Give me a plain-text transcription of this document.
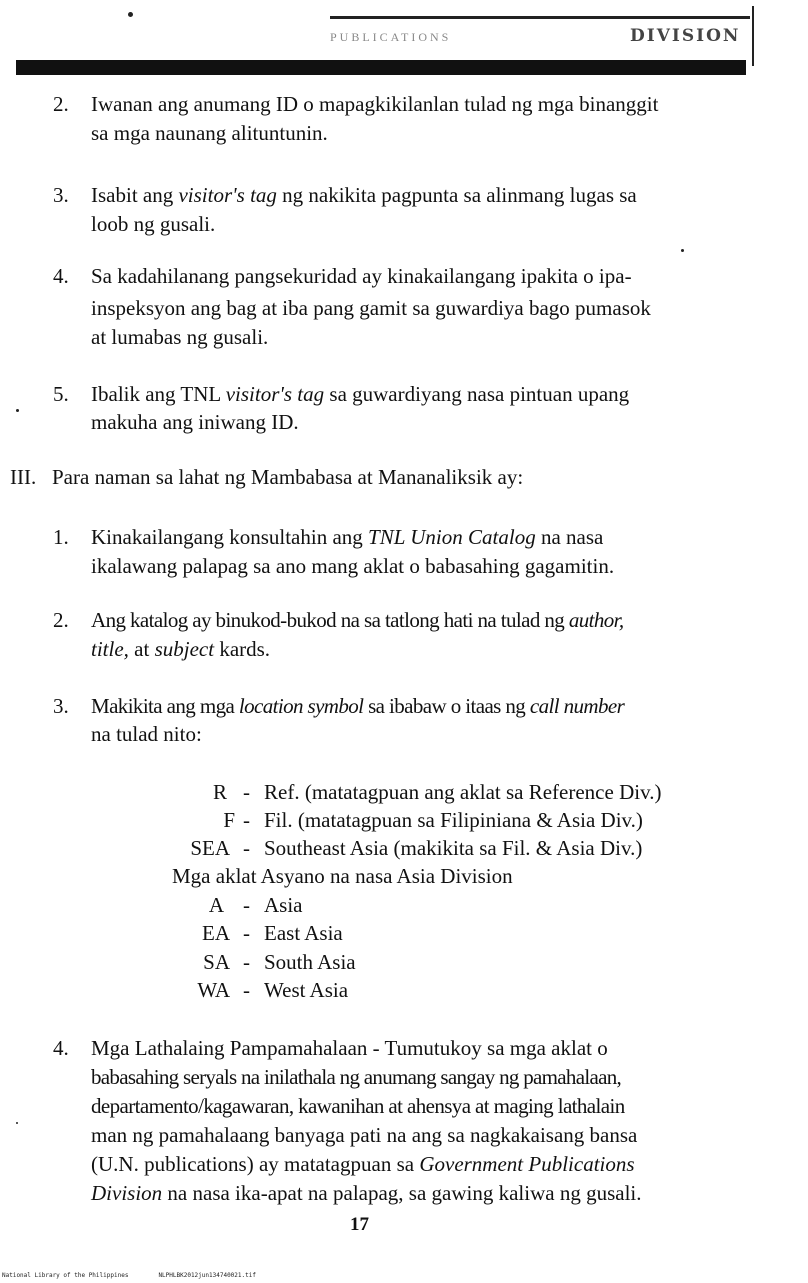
PUBLICATIONS	DIVISION
2. Iwanan ang anumang ID o mapagkikilanlan tulad ng mga binanggit
sa mga naunang alituntunin.
3. Isabit ang visitor's tag ng nakikita pagpunta sa alinmang lugas sa
loob ng gusali.
4. Sa kadahilanang pangsekuridad ay kinakailangang ipakita o ipa-
inspeksyon ang bag at iba pang gamit sa guwardiya bago pumasok
at lumabas ng gusali.
5. Ibalik ang TNL visitor's tag sa guwardiyang nasa pintuan upang
makuha ang iniwang ID.
III. Para naman sa lahat ng Mambabasa at Mananaliksik ay:
1. Kinakailangang konsultahin ang TNL Union Catalog na nasa
ikalawang palapag sa ano mang aklat o babasahing gagamitin.
2. Ang katalog ay binukod-bukod na sa tatlong hati na tulad ng author,
title, at subject kards.
3. Makikita ang mga location symbol sa ibabaw o itaas ng call number
na tulad nito:
R - Ref. (matatagpuan ang aklat sa Reference Div.)
F - Fil. (matatagpuan sa Filipiniana & Asia Div.)
SEA - Southeast Asia (makikita sa Fil. & Asia Div.)
Mga aklat Asyano na nasa Asia Division
A - Asia
EA - East Asia
SA - South Asia
WA - West Asia
4. Mga Lathalaing Pampamahalaan - Tumutukoy sa mga aklat o
babasahing seryals na inilathala ng anumang sangay ng pamahalaan,
departamento/kagawaran, kawanihan at ahensya at maging lathalain
man ng pamahalaang banyaga pati na ang sa nagkakaisang bansa
(U.N. publications) ay matatagpuan sa Government Publications
Division na nasa ika-apat na palapag, sa gawing kaliwa ng gusali.
17
National Library of the Philippines	NLPHLBK2012jun134740021.tif
